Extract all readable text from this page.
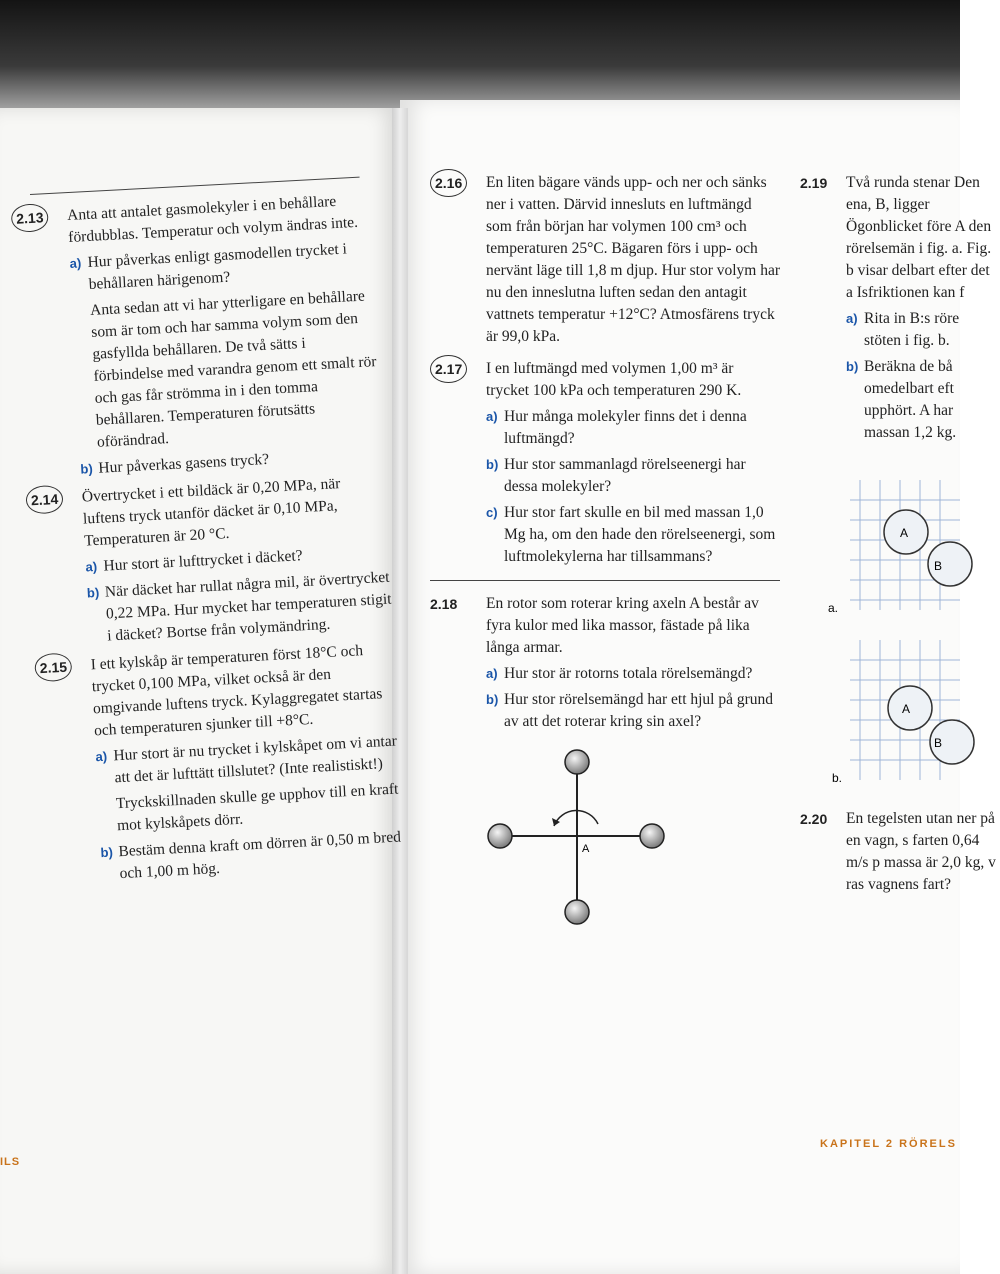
2.13	Anta att antalet gasmolekyler i en behållare fördubblas. Temperatur och volym ändras inte.
a) Hur påverkas enligt gasmodellen trycket i behållaren härigenom?
Anta sedan att vi har ytterligare en behållare som är tom och har samma volym som den gasfyllda behållaren. De två sätts i förbindelse med varandra genom ett smalt rör och gas får strömma in i den tomma behållaren. Temperaturen förutsätts oförändrad.
b) Hur påverkas gasens tryck?
2.14	Övertrycket i ett bildäck är 0,20 MPa, när luftens tryck utanför däcket är 0,10 MPa, Temperaturen är 20 °C.
a) Hur stort är lufttrycket i däcket?
b) När däcket har rullat några mil, är övertrycket 0,22 MPa. Hur mycket har temperaturen stigit i däcket? Bortse från volymändring.
2.15	I ett kylskåp är temperaturen först 18°C och trycket 0,100 MPa, vilket också är den omgivande luftens tryck. Kylaggregatet startas och temperaturen sjunker till +8°C.
a) Hur stort är nu trycket i kylskåpet om vi antar att det är lufttätt tillslutet? (Inte realistiskt!)
Tryckskillnaden skulle ge upphov till en kraft mot kylskåpets dörr.
b) Bestäm denna kraft om dörren är 0,50 m bred och 1,00 m hög.
ILS
2.16	En liten bägare vänds upp- och ner och sänks ner i vatten. Därvid innesluts en luftmängd som från början har volymen 100 cm³ och temperaturen 25°C. Bägaren förs i upp- och nervänt läge till 1,8 m djup. Hur stor volym har nu den inneslutna luften sedan den antagit vattnets temperatur +12°C? Atmosfärens tryck är 99,0 kPa.
2.17	I en luftmängd med volymen 1,00 m³ är trycket 100 kPa och temperaturen 290 K.
a) Hur många molekyler finns det i denna luftmängd?
b) Hur stor sammanlagd rörelseenergi har dessa molekyler?
c) Hur stor fart skulle en bil med massan 1,0 Mg ha, om den hade den rörelseenergi, som luftmolekylerna har tillsammans?
2.18 En rotor som roterar kring axeln A består av fyra kulor med lika massor, fästade på lika långa armar.
a) Hur stor är rotorns totala rörelsemängd?
b) Hur stor rörelsemängd har ett hjul på grund av att det roterar kring sin axel?
A
2.19 Två runda stenar Den ena, B, ligger Ögonblicket före A den rörelsemän i fig. a. Fig. b visar delbart efter det a Isfriktionen kan f
a) Rita in B:s röre stöten i fig. b.
b) Beräkna de bå omedelbart eft upphört. A har massan 1,2 kg.
A
B
a.
A
B
b.
2.20 En tegelsten utan ner på en vagn, s farten 0,64 m/s p massa är 2,0 kg, v ras vagnens fart?
KAPITEL 2 RÖRELS
